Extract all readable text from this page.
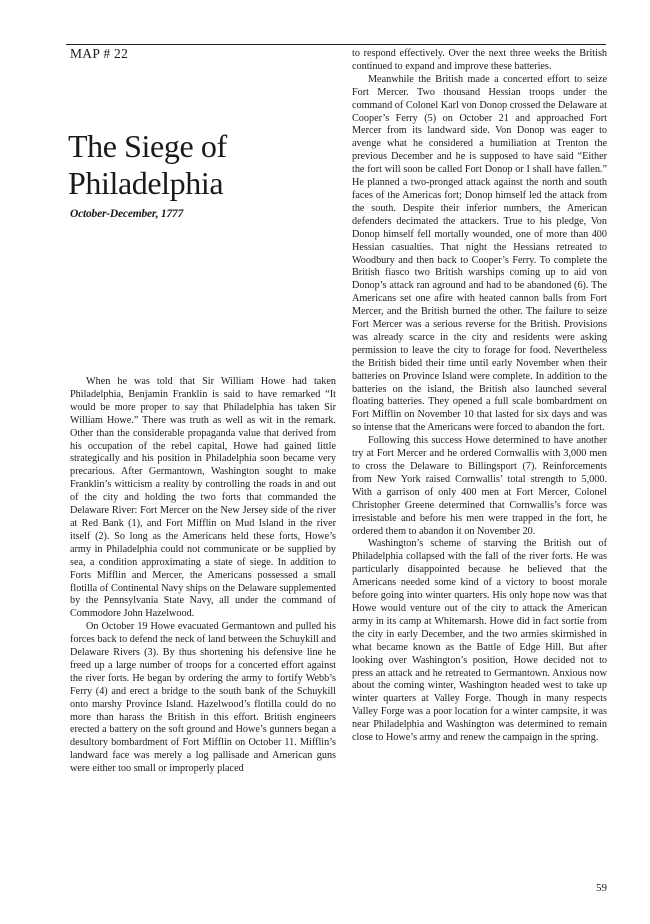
MAP # 22

The Siege of Philadelphia

October-December, 1777

When he was told that Sir William Howe had taken Philadelphia, Benjamin Franklin is said to have remarked “It would be more proper to say that Philadelphia has taken Sir William Howe.” There was truth as well as wit in the remark. Other than the considerable propaganda value that derived from his occupation of the rebel capital, Howe had gained little strategically and his position in Philadelphia soon became very precarious. After Germantown, Washington sought to make Franklin’s witticism a reality by controlling the roads in and out of the city and holding the two forts that commanded the Delaware River: Fort Mercer on the New Jersey side of the river at Red Bank (1), and Fort Mifflin on Mud Island in the river itself (2). So long as the Americans held these forts, Howe’s army in Philadelphia could not communicate or be supplied by sea, a condition approximating a state of siege. In addition to Forts Mifflin and Mercer, the Americans possessed a small flotilla of Continental Navy ships on the Delaware supplemented by the Pennsylvania State Navy, all under the command of Commodore John Hazelwood.

On October 19 Howe evacuated Germantown and pulled his forces back to defend the neck of land between the Schuykill and Delaware Rivers (3). By thus shortening his defensive line he freed up a large number of troops for a concerted effort against the river forts. He began by ordering the army to fortify Webb’s Ferry (4) and erect a bridge to the south bank of the Schuykill onto marshy Province Island. Hazelwood’s flotilla could do no more than harass the British in this effort. British engineers erected a battery on the soft ground and Howe’s gunners began a desultory bombardment of Fort Mifflin on October 11. Mifflin’s landward face was merely a log pallisade and American guns were either too small or improperly placed

to respond effectively. Over the next three weeks the British continued to expand and improve these batteries.

Meanwhile the British made a concerted effort to seize Fort Mercer. Two thousand Hessian troops under the command of Colonel Karl von Donop crossed the Delaware at Cooper’s Ferry (5) on October 21 and approached Fort Mercer from its landward side. Von Donop was eager to avenge what he considered a humiliation at Trenton the previous December and he is supposed to have said “Either the fort will soon be called Fort Donop or I shall have fallen.” He planned a two-pronged attack against the north and south faces of the Americas fort; Donop himself led the attack from the south. Despite their inferior numbers, the American defenders decimated the attackers. True to his pledge, Von Donop himself fell mortally wounded, one of more than 400 Hessian casualties. That night the Hessians retreated to Woodbury and then back to Cooper’s Ferry. To complete the British fiasco two British warships coming up to aid von Donop’s attack ran aground and had to be abandoned (6). The Americans set one afire with heated cannon balls from Fort Mercer, and the British burned the other. The failure to seize Fort Mercer was a serious reverse for the British. Provisions was already scarce in the city and residents were asking permission to leave the city to forage for food. Nevertheless the British bided their time until early November when their batteries on Province Island were complete. In addition to the batteries on the island, the British also launched several floating batteries. They opened a full scale bombardment on Fort Mifflin on November 10 that lasted for six days and was so intense that the Americans were forced to abandon the fort.

Following this success Howe determined to have another try at Fort Mercer and he ordered Cornwallis with 3,000 men to cross the Delaware to Billingsport (7). Reinforcements from New York raised Cornwallis’ total strength to 5,000. With a garrison of only 400 men at Fort Mercer, Colonel Christopher Greene determined that Cornwallis’s force was irresistable and before his men were trapped in the fort, he ordered them to abandon it on November 20.

Washington’s scheme of starving the British out of Philadelphia collapsed with the fall of the river forts. He was particularly disappointed because he believed that the Americans needed some kind of a victory to boost morale before going into winter quarters. His only hope now was that Howe would venture out of the city to attack the American army in its camp at Whitemarsh. Howe did in fact sortie from the city in early December, and the two armies skirmished in what became known as the Battle of Edge Hill. But after looking over Washington’s position, Howe decided not to press an attack and he retreated to Germantown. Anxious now about the coming winter, Washington headed west to take up winter quarters at Valley Forge. Though in many respects Valley Forge was a poor location for a winter campsite, it was near Philadelphia and Washington was determined to remain close to Howe’s army and renew the campaign in the spring.

59
